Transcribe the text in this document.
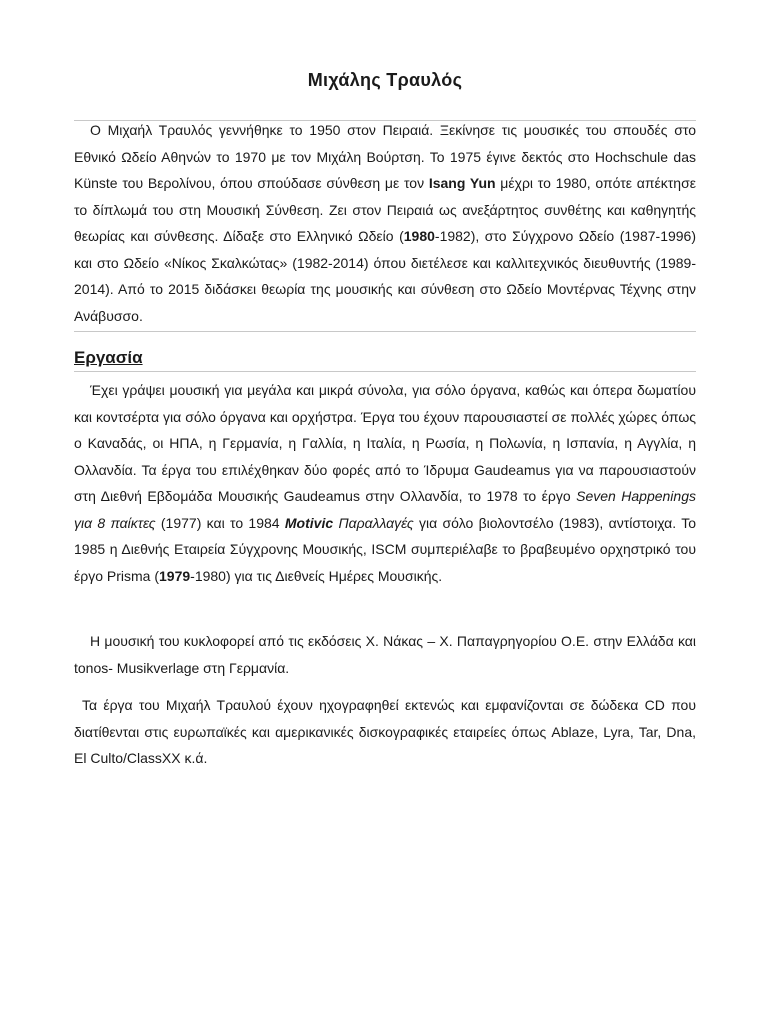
Μιχάλης Τραυλός

Ο Μιχαήλ Τραυλός γεννήθηκε το 1950 στον Πειραιά. Ξεκίνησε τις μουσικές του σπουδές στο Εθνικό Ωδείο Αθηνών το 1970 με τον Μιχάλη Βούρτση. Το 1975 έγινε δεκτός στο Hochschule das Künste του Βερολίνου, όπου σπούδασε σύνθεση με τον Isang Yun μέχρι το 1980, οπότε απέκτησε το δίπλωμά του στη Μουσική Σύνθεση. Ζει στον Πειραιά ως ανεξάρτητος συνθέτης και καθηγητής θεωρίας και σύνθεσης. Δίδαξε στο Ελληνικό Ωδείο (1980-1982), στο Σύγχρονο Ωδείο (1987-1996) και στο Ωδείο «Νίκος Σκαλκώτας» (1982-2014) όπου διετέλεσε και καλλιτεχνικός διευθυντής (1989-2014). Από το 2015 διδάσκει θεωρία της μουσικής και σύνθεση στο Ωδείο Μοντέρνας Τέχνης στην Ανάβυσσο.

Εργασία

Έχει γράψει μουσική για μεγάλα και μικρά σύνολα, για σόλο όργανα, καθώς και όπερα δωματίου και κοντσέρτα για σόλο όργανα και ορχήστρα. Έργα του έχουν παρουσιαστεί σε πολλές χώρες όπως ο Καναδάς, οι ΗΠΑ, η Γερμανία, η Γαλλία, η Ιταλία, η Ρωσία, η Πολωνία, η Ισπανία, η Αγγλία, η Ολλανδία. Τα έργα του επιλέχθηκαν δύο φορές από το Ίδρυμα Gaudeamus για να παρουσιαστούν στη Διεθνή Εβδομάδα Μουσικής Gaudeamus στην Ολλανδία, το 1978 το έργο Seven Happenings για 8 παίκτες (1977) και το 1984 Motivic Παραλλαγές για σόλο βιολοντσέλο (1983), αντίστοιχα. Το 1985 η Διεθνής Εταιρεία Σύγχρονης Μουσικής, ISCM συμπεριέλαβε το βραβευμένο ορχηστρικό του έργο Prisma (1979-1980) για τις Διεθνείς Ημέρες Μουσικής.

Η μουσική του κυκλοφορεί από τις εκδόσεις Χ. Νάκας – Χ. Παπαγρηγορίου Ο.Ε. στην Ελλάδα και tonos- Musikverlage στη Γερμανία.

Τα έργα του Μιχαήλ Τραυλού έχουν ηχογραφηθεί εκτενώς και εμφανίζονται σε δώδεκα CD που διατίθενται στις ευρωπαϊκές και αμερικανικές δισκογραφικές εταιρείες όπως Ablaze, Lyra, Tar, Dna, El Culto/ClassXX κ.ά.
